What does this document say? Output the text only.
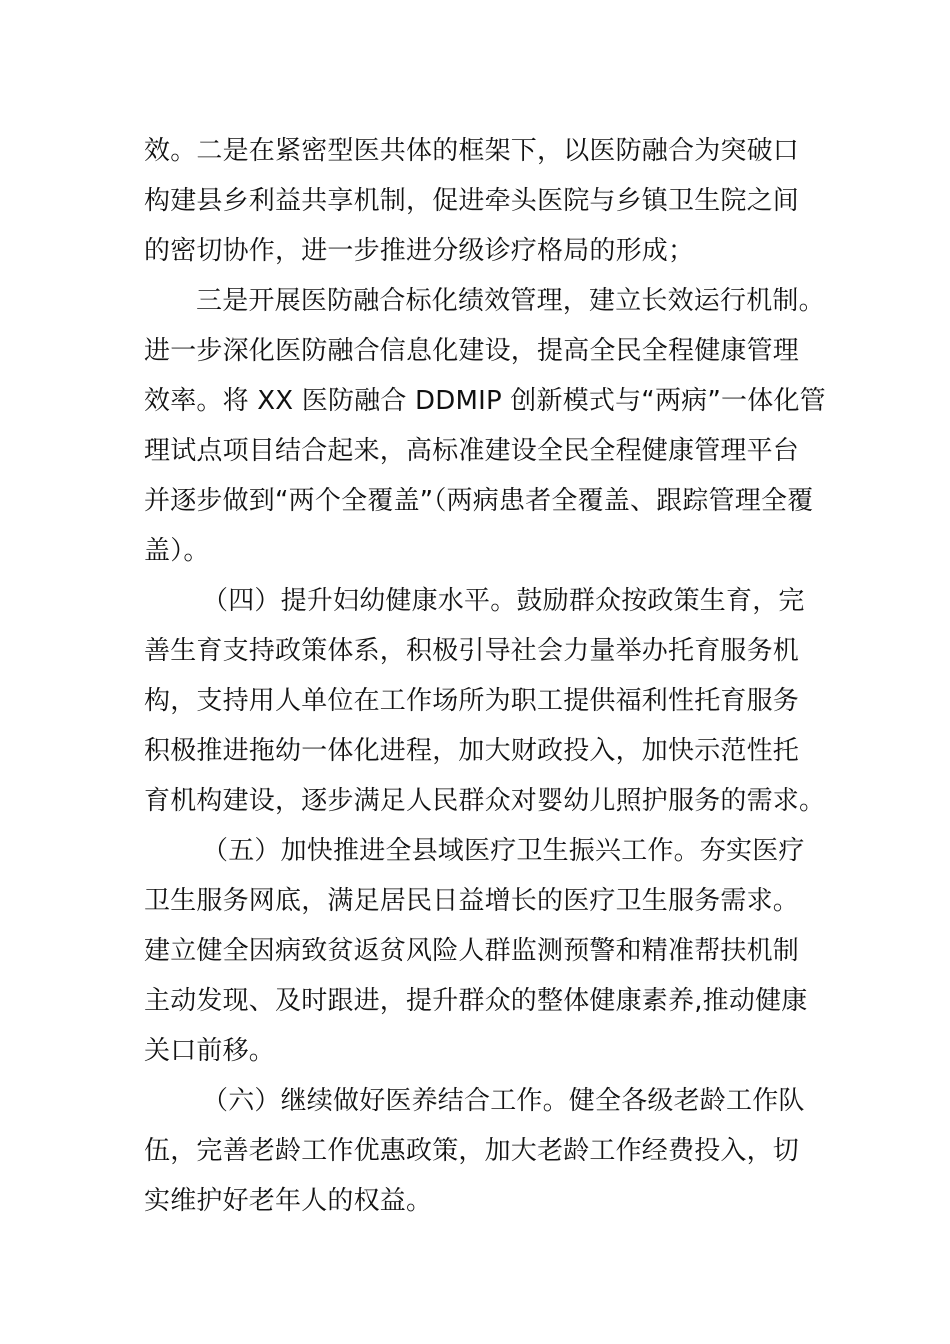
效。二是在紧密型医共体的框架下，以医防融合为突破口
构建县乡利益共享机制，促进牵头医院与乡镇卫生院之间
的密切协作，进一步推进分级诊疗格局的形成；
三是开展医防融合标化绩效管理，建立长效运行机制。
进一步深化医防融合信息化建设，提高全民全程健康管理
效率。将 XX 医防融合 DDMIP 创新模式与“两病”一体化管
理试点项目结合起来，高标准建设全民全程健康管理平台
并逐步做到“两个全覆盖”（两病患者全覆盖、跟踪管理全覆
盖）。
（四）提升妇幼健康水平。鼓励群众按政策生育，完
善生育支持政策体系，积极引导社会力量举办托育服务机
构，支持用人单位在工作场所为职工提供福利性托育服务
积极推进拖幼一体化进程，加大财政投入，加快示范性托
育机构建设，逐步满足人民群众对婴幼儿照护服务的需求。
（五）加快推进全县域医疗卫生振兴工作。夯实医疗
卫生服务网底，满足居民日益增长的医疗卫生服务需求。
建立健全因病致贫返贫风险人群监测预警和精准帮扶机制
主动发现、及时跟进，提升群众的整体健康素养,推动健康
关口前移。
（六）继续做好医养结合工作。健全各级老龄工作队
伍，完善老龄工作优惠政策，加大老龄工作经费投入，切
实维护好老年人的权益。
